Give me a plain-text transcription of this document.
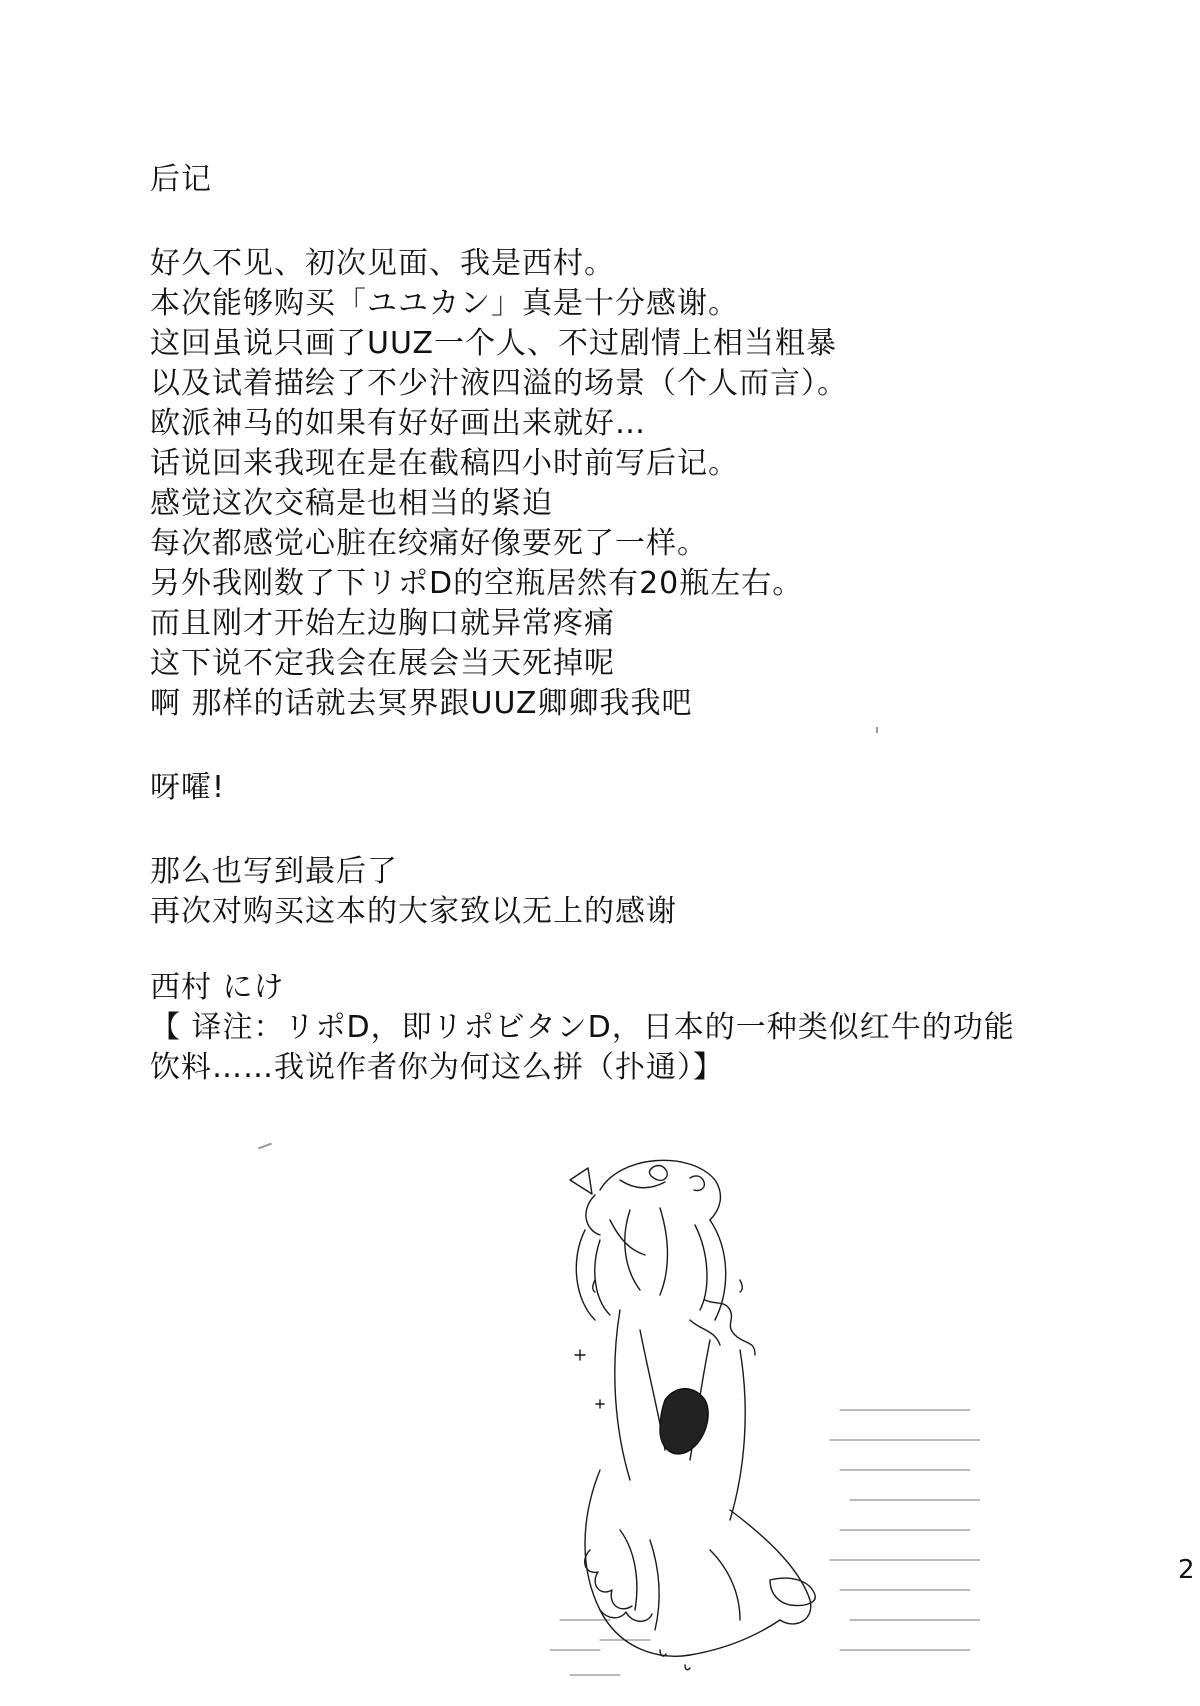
后记
好久不见、初次见面、我是西村。
本次能够购买「ユユカン」真是十分感谢。
这回虽说只画了UUZ一个人、不过剧情上相当粗暴
以及试着描绘了不少汁液四溢的场景（个人而言）。
欧派神马的如果有好好画出来就好…
话说回来我现在是在截稿四小时前写后记。
感觉这次交稿是也相当的紧迫
每次都感觉心脏在绞痛好像要死了一样。
另外我刚数了下リポD的空瓶居然有20瓶左右。
而且刚才开始左边胸口就异常疼痛
这下说不定我会在展会当天死掉呢
啊 那样的话就去冥界跟UUZ卿卿我我吧
呀嚯!
那么也写到最后了
再次对购买这本的大家致以无上的感谢
西村 にけ
【 译注：リポD，即リポビタンD，日本的一种类似红牛的功能
饮料……我说作者你为何这么拼（扑通）】
2
